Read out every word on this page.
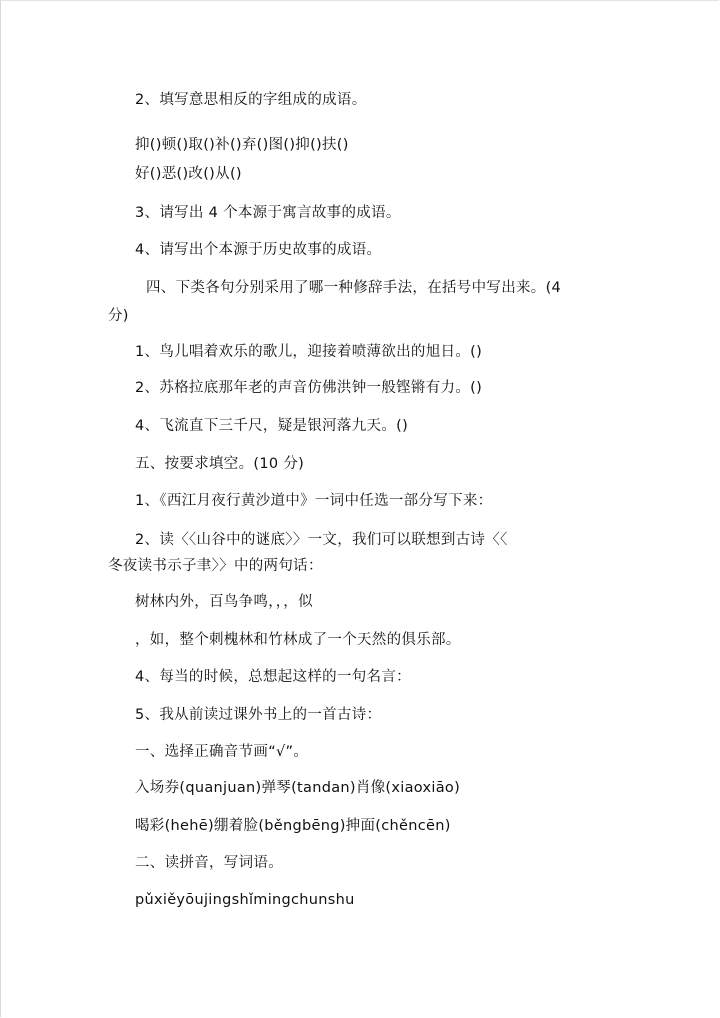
2、填写意思相反的字组成的成语。
抑()顿()取()补()弃()图()抑()扶()
好()恶()改()从()
3、请写出 4 个本源于寓言故事的成语。
4、请写出个本源于历史故事的成语。
四、下类各句分别采用了哪一种修辞手法，在括号中写出来。(4
分)
1、鸟儿唱着欢乐的歌儿，迎接着喷薄欲出的旭日。()
2、苏格拉底那年老的声音仿佛洪钟一般铿锵有力。()
4、飞流直下三千尺，疑是银河落九天。()
五、按要求填空。(10 分)
1、《西江月夜行黄沙道中》一词中任选一部分写下来：
2、读〈〈山谷中的谜底〉〉一文，我们可以联想到古诗〈〈
冬夜读书示子聿〉〉中的两句话：
树林内外，百鸟争鸣，，，似
，如，整个刺槐林和竹林成了一个天然的俱乐部。
4、每当的时候，总想起这样的一句名言：
5、我从前读过课外书上的一首古诗：
一、选择正确音节画“√”。
入场券(quanjuan)弹琴(tandan)肖像(xiaoxiāo)
喝彩(hehē)绷着脸(běngbēng)抻面(chěncēn)
二、读拼音，写词语。
pǔxiěyōujingshǐmingchunshu
